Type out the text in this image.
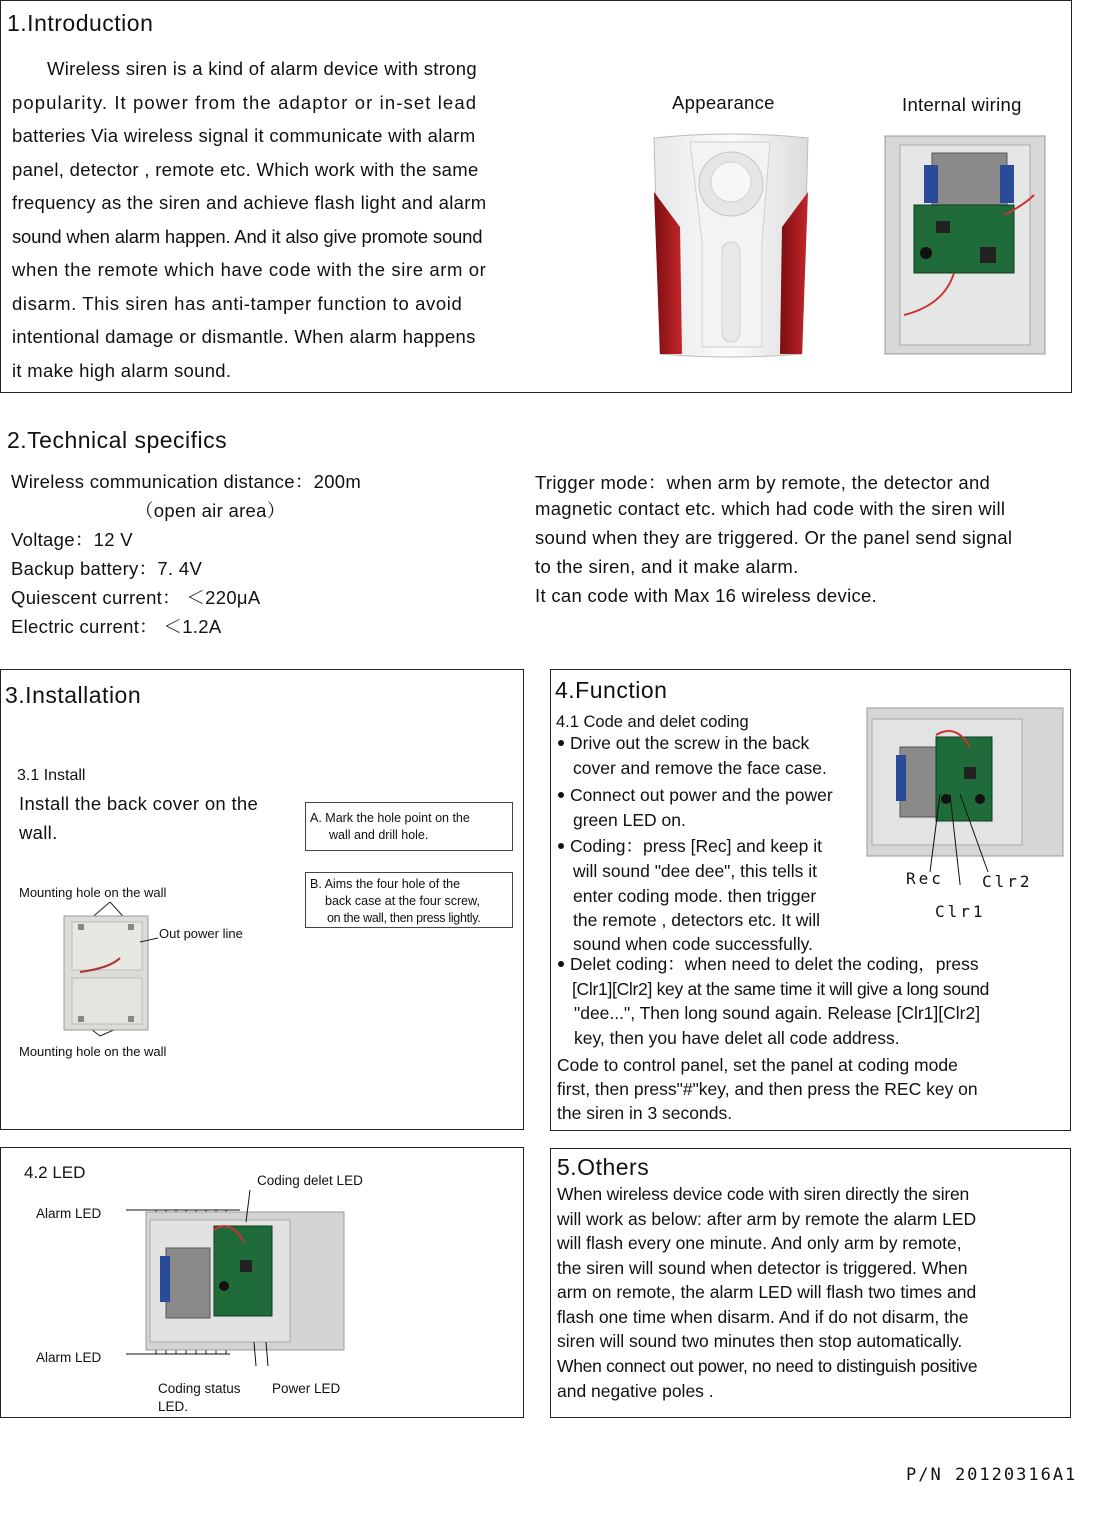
1.Introduction
Wireless siren is a kind of alarm device with strong
popularity. It power from the adaptor or in-set lead
batteries Via wireless signal it communicate with alarm
panel, detector , remote etc. Which work with the same
frequency as the siren and achieve flash light and alarm
sound when alarm happen. And it also give promote sound
when the remote which have code with the sire arm or
disarm. This siren has anti-tamper function to avoid
intentional damage or dismantle. When alarm happens
it make high alarm sound.
Appearance	Internal wiring
2.Technical specifics
Wireless communication distance：200m
（open air area）
Voltage：12 V
Backup battery：7. 4V
Quiescent current： ＜220μA
Electric current： ＜1.2A
Trigger mode：when arm by remote, the detector and
magnetic contact etc. which had code with the siren will
sound when they are triggered. Or the panel send signal
to the siren, and it make alarm.
It can code with Max 16 wireless device.
3.Installation
3.1 Install
Install the back cover on the
wall.
A. Mark the hole point on the
wall and drill hole.
B. Aims the four hole of the
back case at the four screw,
on the wall, then press lightly.
Mounting hole on the wall
Out power line
Mounting hole on the wall
4.Function
4.1 Code and delet coding
Drive out the screw in the back
cover and remove the face case.
Connect out power and the power
green LED on.
Coding：press [Rec] and keep it
will sound "dee dee", this tells it
enter coding mode. then trigger
the remote , detectors etc. It will
sound when code successfully.
Delet coding：when need to delet the coding，press
[Clr1][Clr2] key at the same time it will give a long sound
"dee...", Then long sound again. Release [Clr1][Clr2]
key, then you have delet all code address.
Code to control panel, set the panel at coding mode
first, then press"#"key, and then press the REC key on
the siren in 3 seconds.
Rec Clr2
Clr1
4.2 LED
Alarm LED
Coding delet LED
Alarm LED
Coding status
LED.
Power LED
5.Others
When wireless device code with siren directly the siren
will work as below: after arm by remote the alarm LED
will flash every one minute. And only arm by remote,
the siren will sound when detector is triggered. When
arm on remote, the alarm LED will flash two times and
flash one time when disarm. And if do not disarm, the
siren will sound two minutes then stop automatically.
When connect out power, no need to distinguish positive
and negative poles .
P/N 20120316A1
